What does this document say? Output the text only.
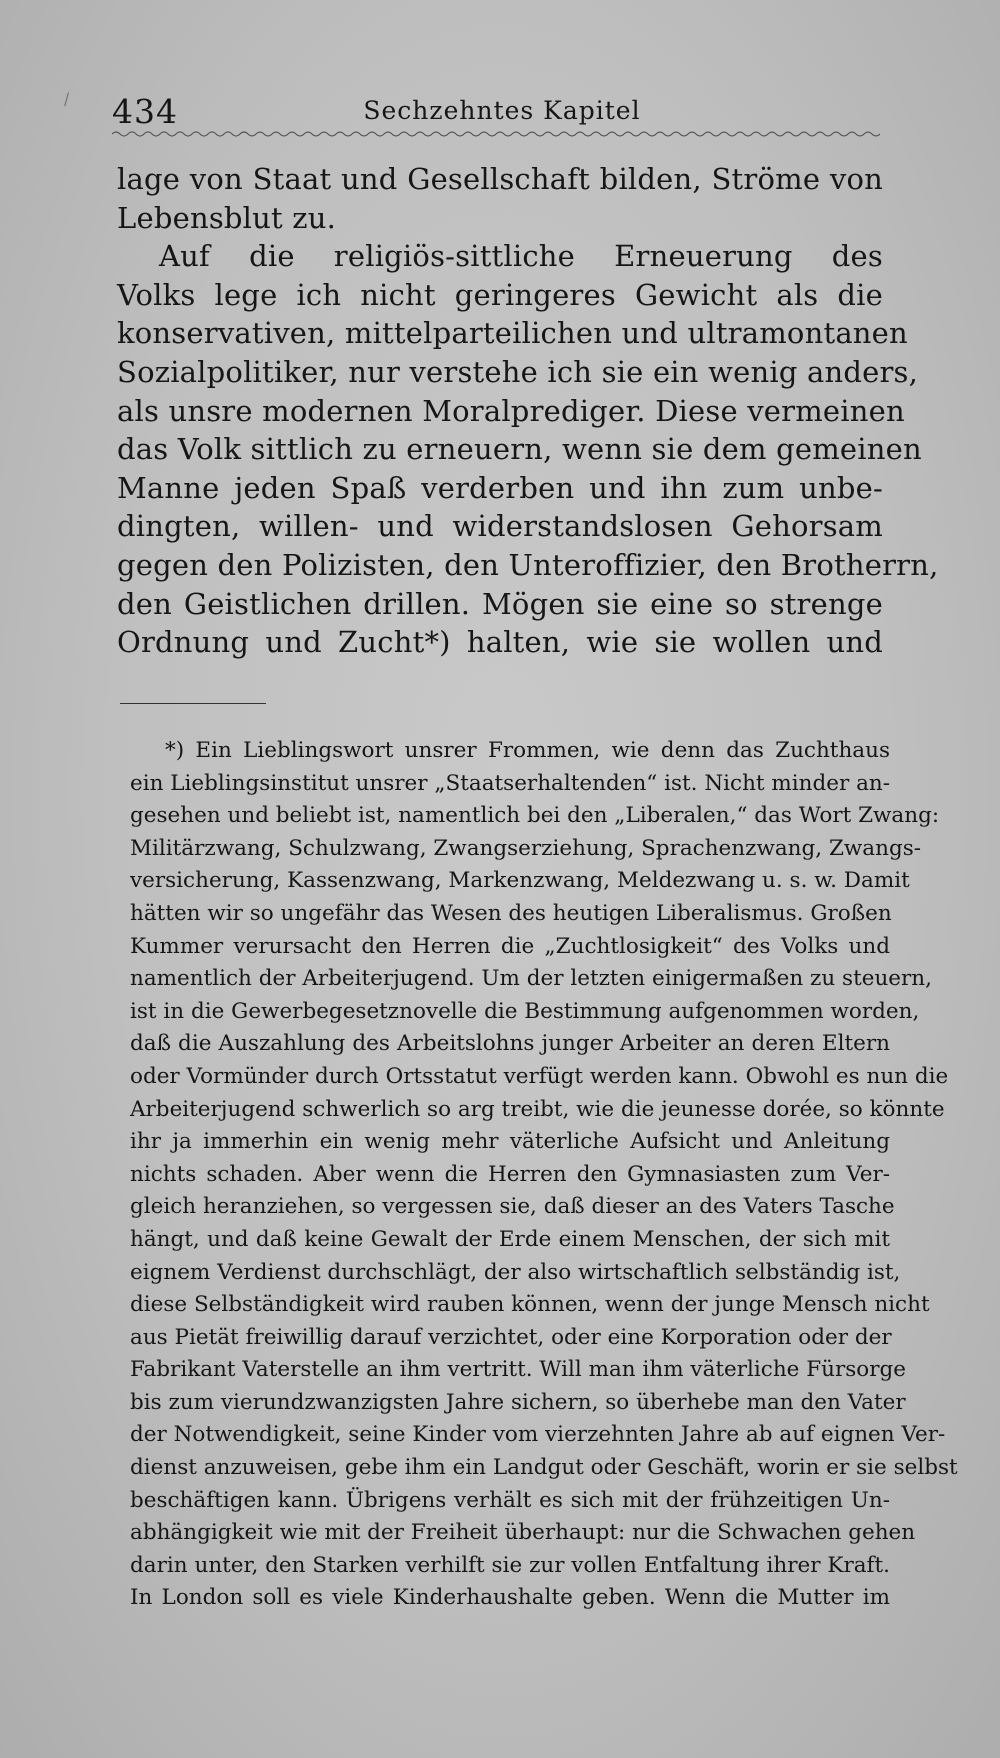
434	Sechzehntes Kapitel
lage von Staat und Gesellschaft bilden, Ströme von
Lebensblut zu.
Auf die religiös-sittliche Erneuerung des
Volks lege ich nicht geringeres Gewicht als die
konservativen, mittelparteilichen und ultramontanen
Sozialpolitiker, nur verstehe ich sie ein wenig anders,
als unsre modernen Moralprediger. Diese vermeinen
das Volk sittlich zu erneuern, wenn sie dem gemeinen
Manne jeden Spaß verderben und ihn zum unbe-
dingten, willen- und widerstandslosen Gehorsam
gegen den Polizisten, den Unteroffizier, den Brotherrn,
den Geistlichen drillen. Mögen sie eine so strenge
Ordnung und Zucht*) halten, wie sie wollen und
*) Ein Lieblingswort unsrer Frommen, wie denn das Zuchthaus
ein Lieblingsinstitut unsrer „Staatserhaltenden“ ist. Nicht minder an-
gesehen und beliebt ist, namentlich bei den „Liberalen,“ das Wort Zwang:
Militärzwang, Schulzwang, Zwangserziehung, Sprachenzwang, Zwangs-
versicherung, Kassenzwang, Markenzwang, Meldezwang u. s. w. Damit
hätten wir so ungefähr das Wesen des heutigen Liberalismus. Großen
Kummer verursacht den Herren die „Zuchtlosigkeit“ des Volks und
namentlich der Arbeiterjugend. Um der letzten einigermaßen zu steuern,
ist in die Gewerbegesetznovelle die Bestimmung aufgenommen worden,
daß die Auszahlung des Arbeitslohns junger Arbeiter an deren Eltern
oder Vormünder durch Ortsstatut verfügt werden kann. Obwohl es nun die
Arbeiterjugend schwerlich so arg treibt, wie die jeunesse dorée, so könnte
ihr ja immerhin ein wenig mehr väterliche Aufsicht und Anleitung
nichts schaden. Aber wenn die Herren den Gymnasiasten zum Ver-
gleich heranziehen, so vergessen sie, daß dieser an des Vaters Tasche
hängt, und daß keine Gewalt der Erde einem Menschen, der sich mit
eignem Verdienst durchschlägt, der also wirtschaftlich selbständig ist,
diese Selbständigkeit wird rauben können, wenn der junge Mensch nicht
aus Pietät freiwillig darauf verzichtet, oder eine Korporation oder der
Fabrikant Vaterstelle an ihm vertritt. Will man ihm väterliche Fürsorge
bis zum vierundzwanzigsten Jahre sichern, so überhebe man den Vater
der Notwendigkeit, seine Kinder vom vierzehnten Jahre ab auf eignen Ver-
dienst anzuweisen, gebe ihm ein Landgut oder Geschäft, worin er sie selbst
beschäftigen kann. Übrigens verhält es sich mit der frühzeitigen Un-
abhängigkeit wie mit der Freiheit überhaupt: nur die Schwachen gehen
darin unter, den Starken verhilft sie zur vollen Entfaltung ihrer Kraft.
In London soll es viele Kinderhaushalte geben. Wenn die Mutter im
